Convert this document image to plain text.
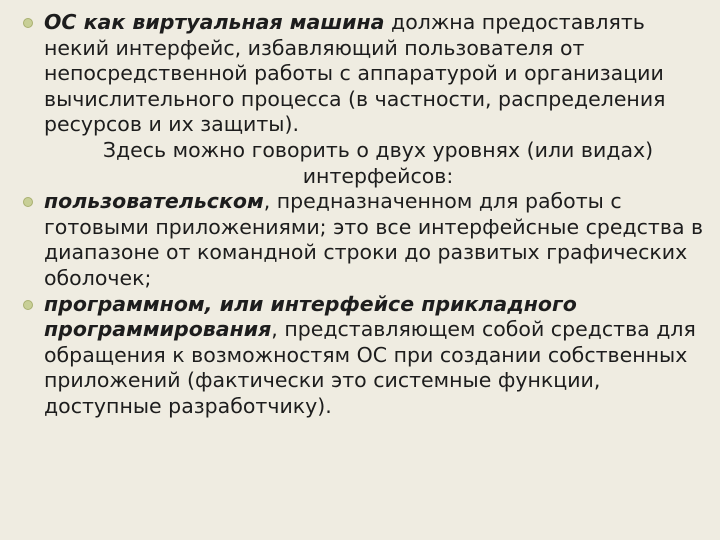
ОС как виртуальная машина должна предоставлять некий интерфейс, избавляющий пользователя от непосредственной работы с аппаратурой и организации вычислительного процесса (в частности, распределения ресурсов и их защиты).
Здесь можно говорить о двух уровнях (или видах) интерфейсов:
пользовательском, предназначенном для работы с готовыми приложениями; это все интерфейсные средства в диапазоне от командной строки до развитых графических оболочек;
программном, или интерфейсе прикладного программирования, представляющем собой средства для обращения к возможностям ОС при создании собственных приложений (фактически это системные функции, доступные разработчику).
